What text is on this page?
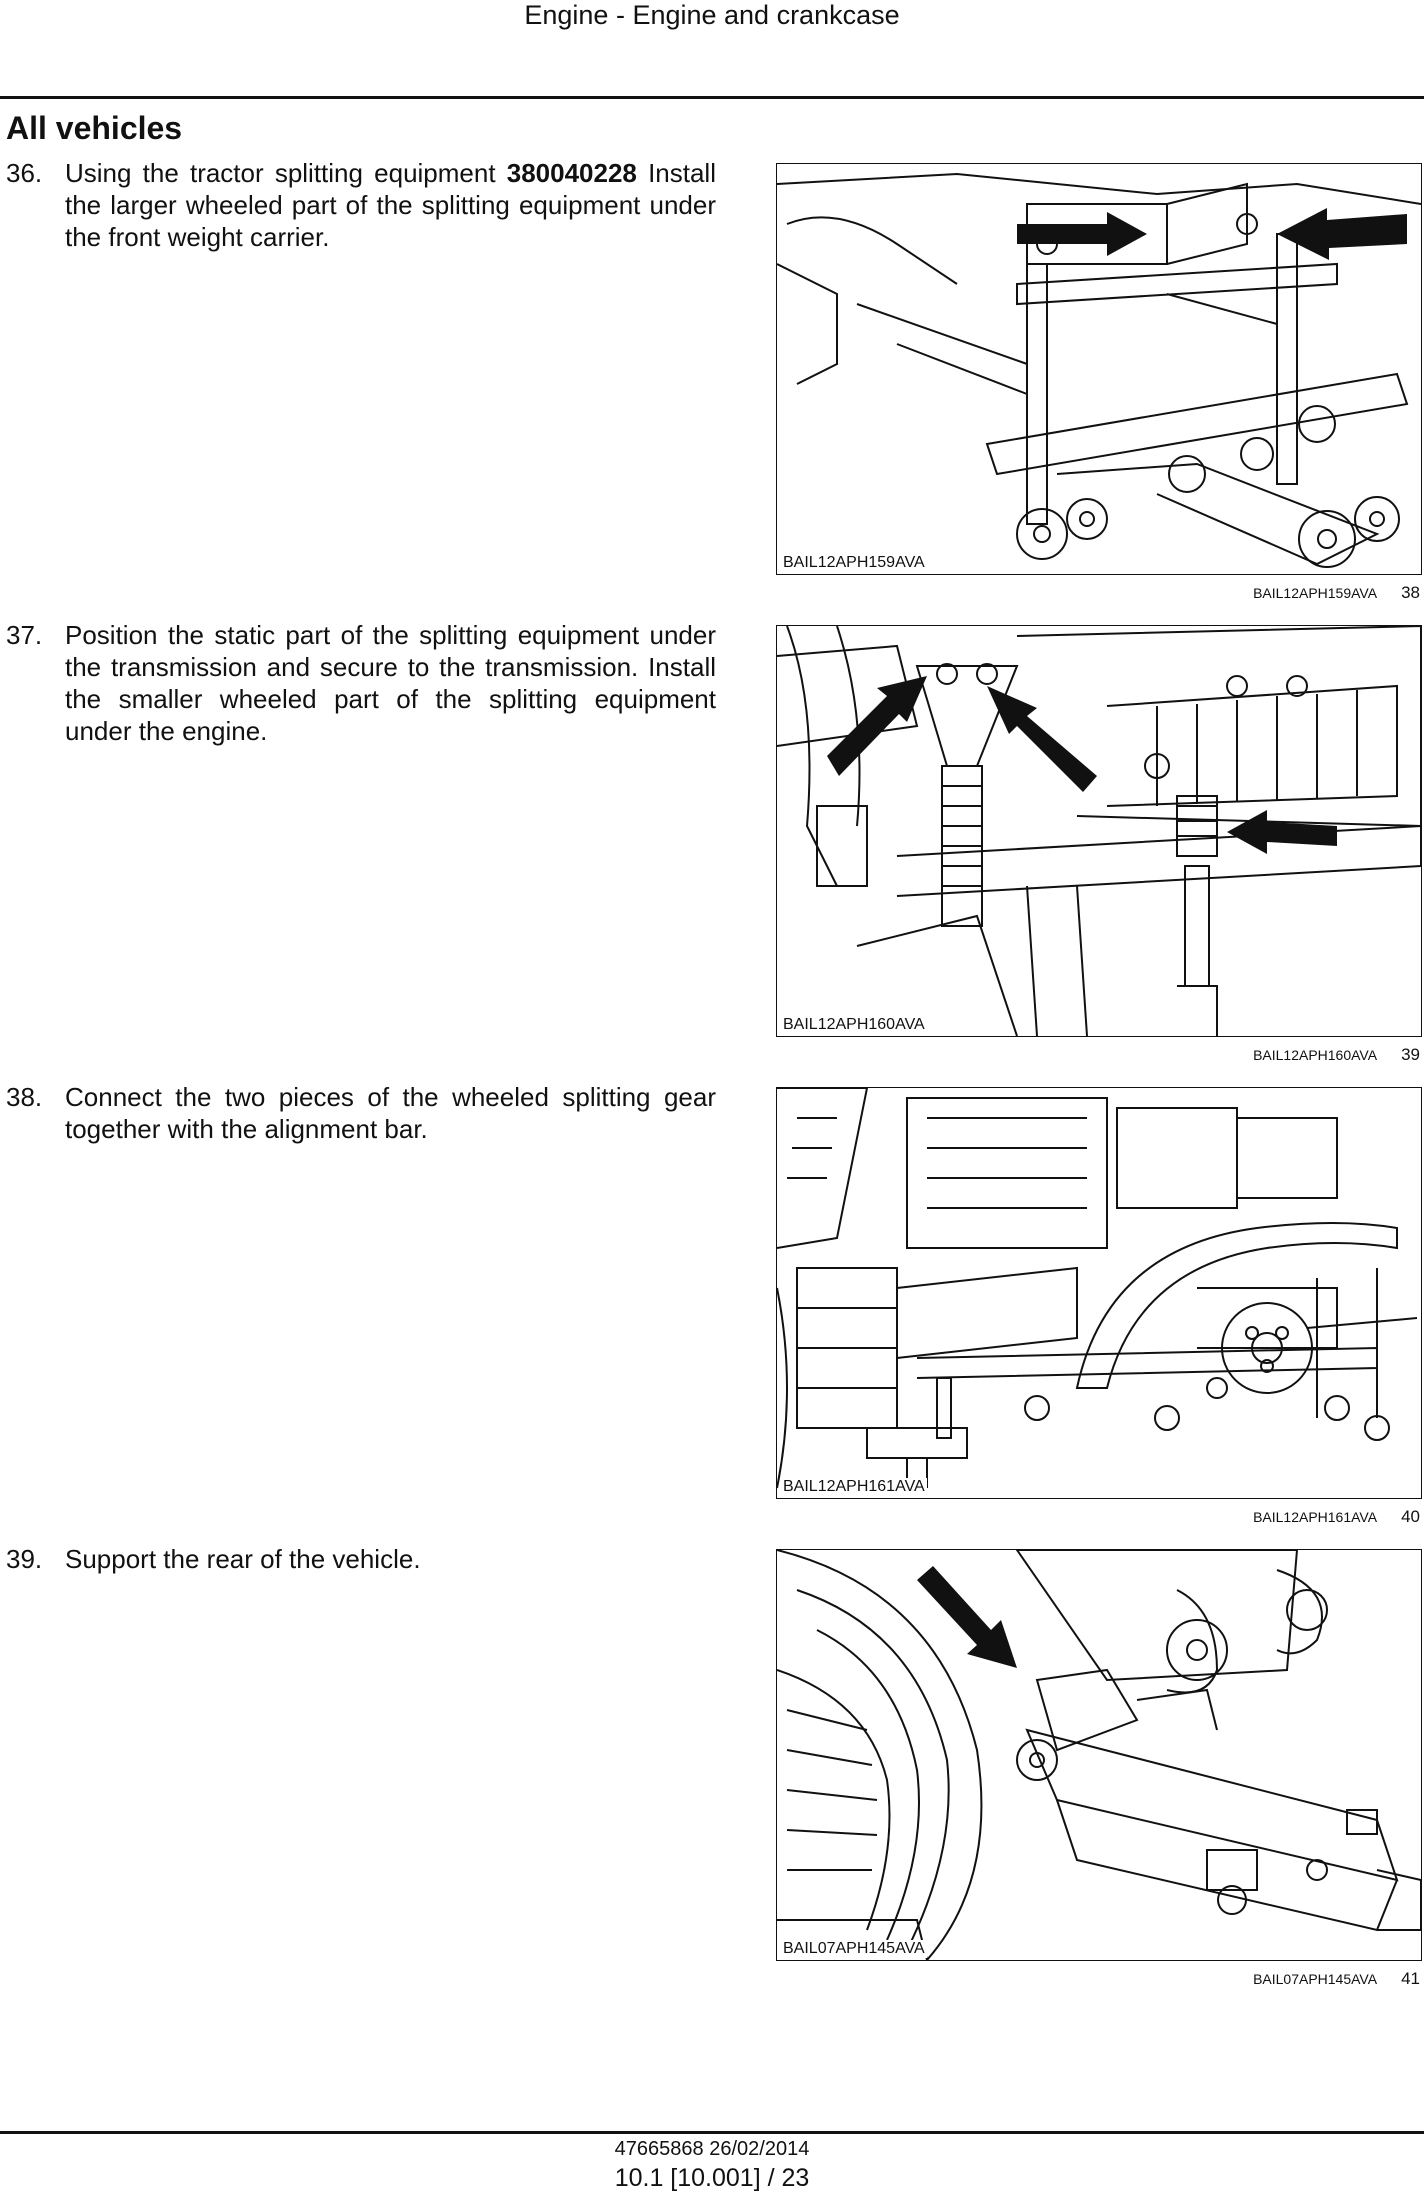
Engine - Engine and crankcase
All vehicles
36. Using the tractor splitting equipment 380040228 Install the larger wheeled part of the splitting equipment under the front weight carrier.
37. Position the static part of the splitting equipment under the transmission and secure to the transmission. Install the smaller wheeled part of the splitting equipment under the engine.
38. Connect the two pieces of the wheeled splitting gear together with the alignment bar.
39. Support the rear of the vehicle.
BAIL12APH159AVA
BAIL12APH159AVA 38
BAIL12APH160AVA
BAIL12APH160AVA 39
BAIL12APH161AVA
BAIL12APH161AVA 40
BAIL07APH145AVA
BAIL07APH145AVA 41
47665868 26/02/2014
10.1 [10.001] / 23
